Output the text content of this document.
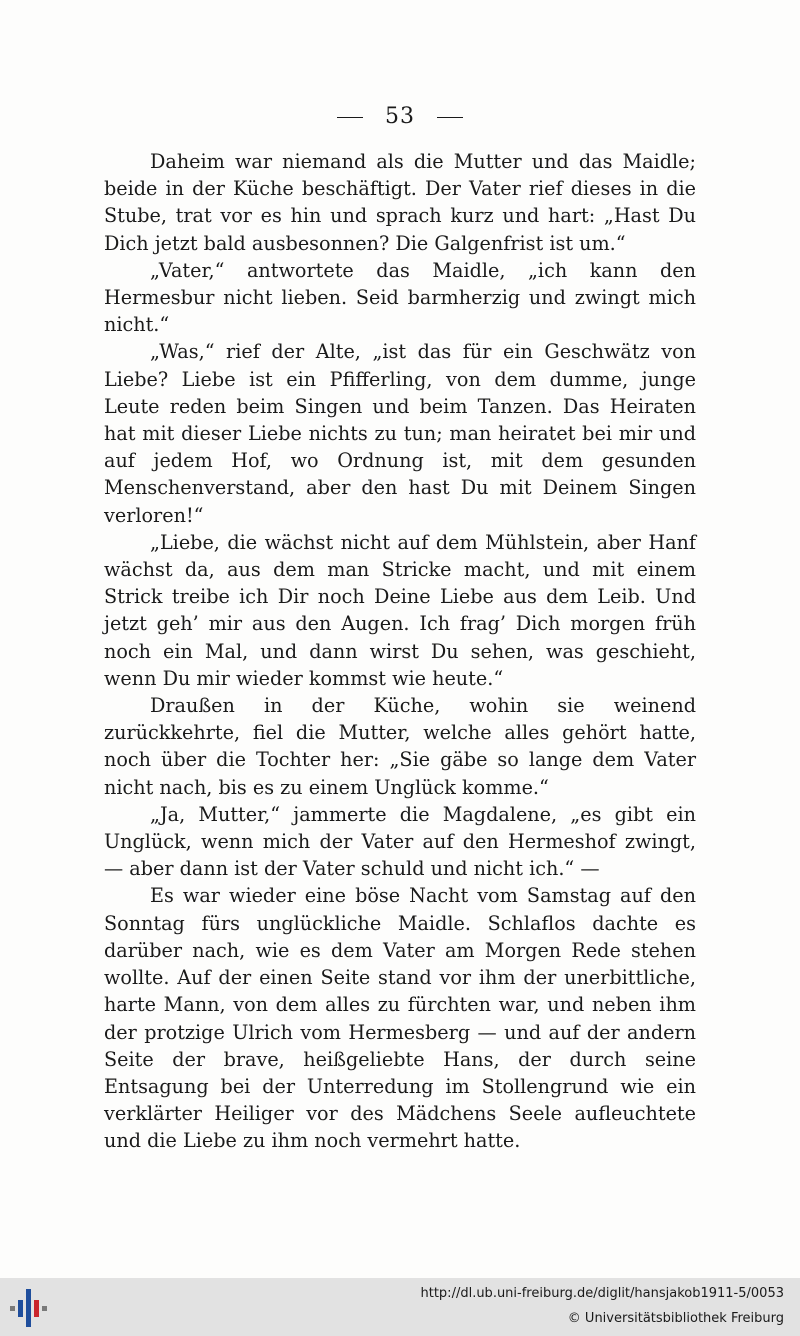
53

Daheim war niemand als die Mutter und das Maidle; beide in der Küche beschäftigt. Der Vater rief dieses in die Stube, trat vor es hin und sprach kurz und hart: „Hast Du Dich jetzt bald ausbesonnen? Die Galgenfrist ist um.“

„Vater,“ antwortete das Maidle, „ich kann den Hermesbur nicht lieben. Seid barmherzig und zwingt mich nicht.“

„Was,“ rief der Alte, „ist das für ein Geschwätz von Liebe? Liebe ist ein Pfifferling, von dem dumme, junge Leute reden beim Singen und beim Tanzen. Das Heiraten hat mit dieser Liebe nichts zu tun; man heiratet bei mir und auf jedem Hof, wo Ordnung ist, mit dem gesunden Menschenverstand, aber den hast Du mit Deinem Singen verloren!“

„Liebe, die wächst nicht auf dem Mühlstein, aber Hanf wächst da, aus dem man Stricke macht, und mit einem Strick treibe ich Dir noch Deine Liebe aus dem Leib. Und jetzt geh’ mir aus den Augen. Ich frag’ Dich morgen früh noch ein Mal, und dann wirst Du sehen, was geschieht, wenn Du mir wieder kommst wie heute.“

Draußen in der Küche, wohin sie weinend zurückkehrte, fiel die Mutter, welche alles gehört hatte, noch über die Tochter her: „Sie gäbe so lange dem Vater nicht nach, bis es zu einem Unglück komme.“

„Ja, Mutter,“ jammerte die Magdalene, „es gibt ein Unglück, wenn mich der Vater auf den Hermeshof zwingt, — aber dann ist der Vater schuld und nicht ich.“ —

Es war wieder eine böse Nacht vom Samstag auf den Sonntag fürs unglückliche Maidle. Schlaflos dachte es darüber nach, wie es dem Vater am Morgen Rede stehen wollte. Auf der einen Seite stand vor ihm der unerbittliche, harte Mann, von dem alles zu fürchten war, und neben ihm der protzige Ulrich vom Hermesberg — und auf der andern Seite der brave, heißgeliebte Hans, der durch seine Entsagung bei der Unterredung im Stollengrund wie ein verklärter Heiliger vor des Mädchens Seele aufleuchtete und die Liebe zu ihm noch vermehrt hatte.

http://dl.ub.uni-freiburg.de/diglit/hansjakob1911-5/0053
© Universitätsbibliothek Freiburg
